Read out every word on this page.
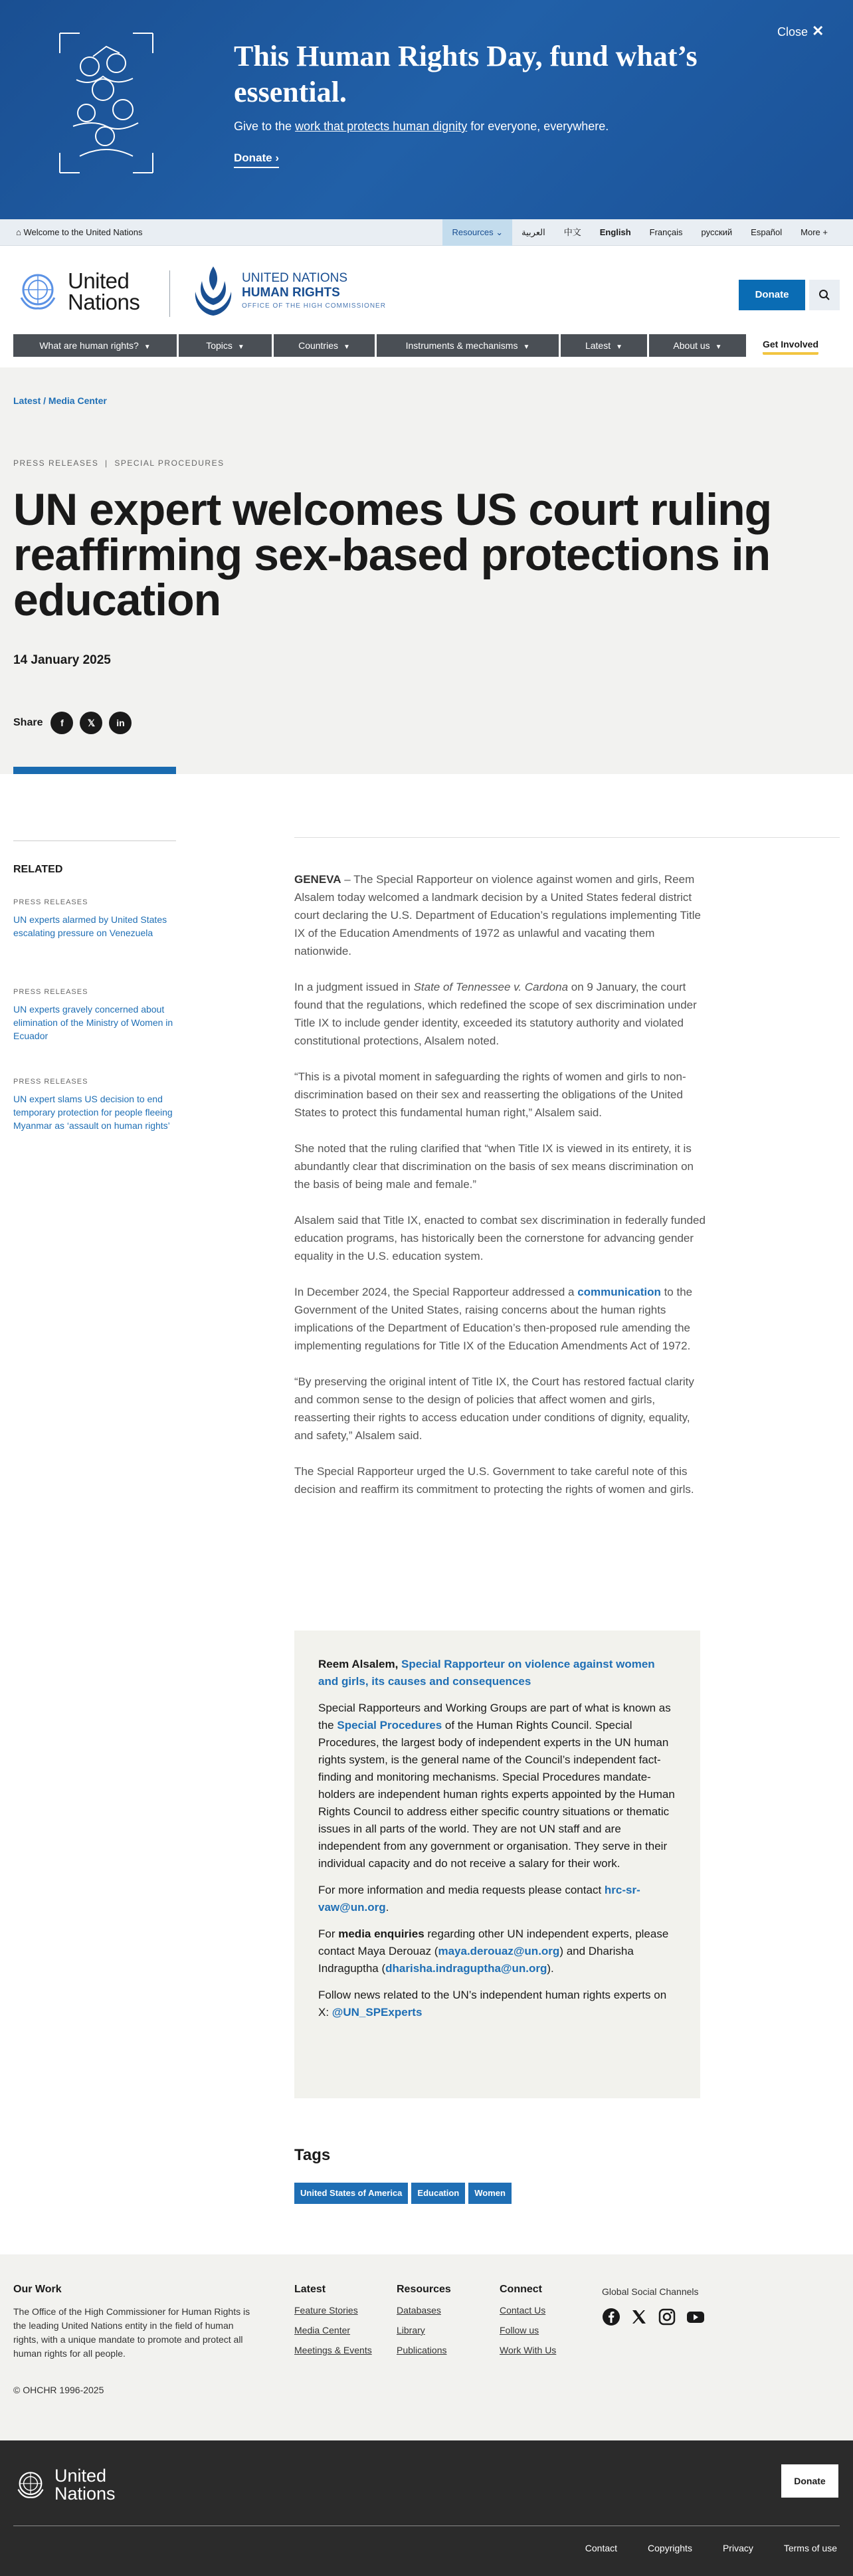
This Human Rights Day, fund what’s essential.
Give to the work that protects human dignity for everyone, everywhere.
Donate ›
Close ✕
⌂ Welcome to the United Nations	Resources ⌄	العربية	中文	English	Français	русский	Español	More +
United
Nations
UNITED NATIONS
HUMAN RIGHTS
OFFICE OF THE HIGH COMMISSIONER
Donate
What are human rights? ▼	Topics ▼	Countries ▼	Instruments & mechanisms ▼	Latest ▼	About us ▼	Get Involved
Latest / Media Center
PRESS RELEASES  |  SPECIAL PROCEDURES
UN expert welcomes US court ruling reaffirming sex-based protections in education
14 January 2025
Share	f	𝕏	in
RELATED
PRESS RELEASES
UN experts alarmed by United States escalating pressure on Venezuela
PRESS RELEASES
UN experts gravely concerned about elimination of the Ministry of Women in Ecuador
PRESS RELEASES
UN expert slams US decision to end temporary protection for people fleeing Myanmar as ‘assault on human rights’

GENEVA – The Special Rapporteur on violence against women and girls, Reem Alsalem today welcomed a landmark decision by a United States federal district court declaring the U.S. Department of Education’s regulations implementing Title IX of the Education Amendments of 1972 as unlawful and vacating them nationwide.

In a judgment issued in State of Tennessee v. Cardona on 9 January, the court found that the regulations, which redefined the scope of sex discrimination under Title IX to include gender identity, exceeded its statutory authority and violated constitutional protections, Alsalem noted.

“This is a pivotal moment in safeguarding the rights of women and girls to non-discrimination based on their sex and reasserting the obligations of the United States to protect this fundamental human right,” Alsalem said.

She noted that the ruling clarified that “when Title IX is viewed in its entirety, it is abundantly clear that discrimination on the basis of sex means discrimination on the basis of being male and female.”

Alsalem said that Title IX, enacted to combat sex discrimination in federally funded education programs, has historically been the cornerstone for advancing gender equality in the U.S. education system.

In December 2024, the Special Rapporteur addressed a communication to the Government of the United States, raising concerns about the human rights implications of the Department of Education’s then-proposed rule amending the implementing regulations for Title IX of the Education Amendments Act of 1972.

“By preserving the original intent of Title IX, the Court has restored factual clarity and common sense to the design of policies that affect women and girls, reasserting their rights to access education under conditions of dignity, equality, and safety,” Alsalem said.

The Special Rapporteur urged the U.S. Government to take careful note of this decision and reaffirm its commitment to protecting the rights of women and girls.

Reem Alsalem, Special Rapporteur on violence against women and girls, its causes and consequences

Special Rapporteurs and Working Groups are part of what is known as the Special Procedures of the Human Rights Council. Special Procedures, the largest body of independent experts in the UN human rights system, is the general name of the Council’s independent fact-finding and monitoring mechanisms. Special Procedures mandate-holders are independent human rights experts appointed by the Human Rights Council to address either specific country situations or thematic issues in all parts of the world. They are not UN staff and are independent from any government or organisation. They serve in their individual capacity and do not receive a salary for their work.

For more information and media requests please contact hrc-sr-vaw@un.org.

For media enquiries regarding other UN independent experts, please contact Maya Derouaz (maya.derouaz@un.org) and Dharisha Indraguptha (dharisha.indraguptha@un.org).

Follow news related to the UN’s independent human rights experts on X: @UN_SPExperts

Tags
United States of America	Education	Women
Our Work
The Office of the High Commissioner for Human Rights is the leading United Nations entity in the field of human rights, with a unique mandate to promote and protect all human rights for all people.
© OHCHR 1996-2025
Latest
Feature Stories
Media Center
Meetings & Events
Resources
Databases
Library
Publications
Connect
Contact Us
Follow us
Work With Us
Global Social Channels
United
Nations
Donate
Contact	Copyrights	Privacy	Terms of use
